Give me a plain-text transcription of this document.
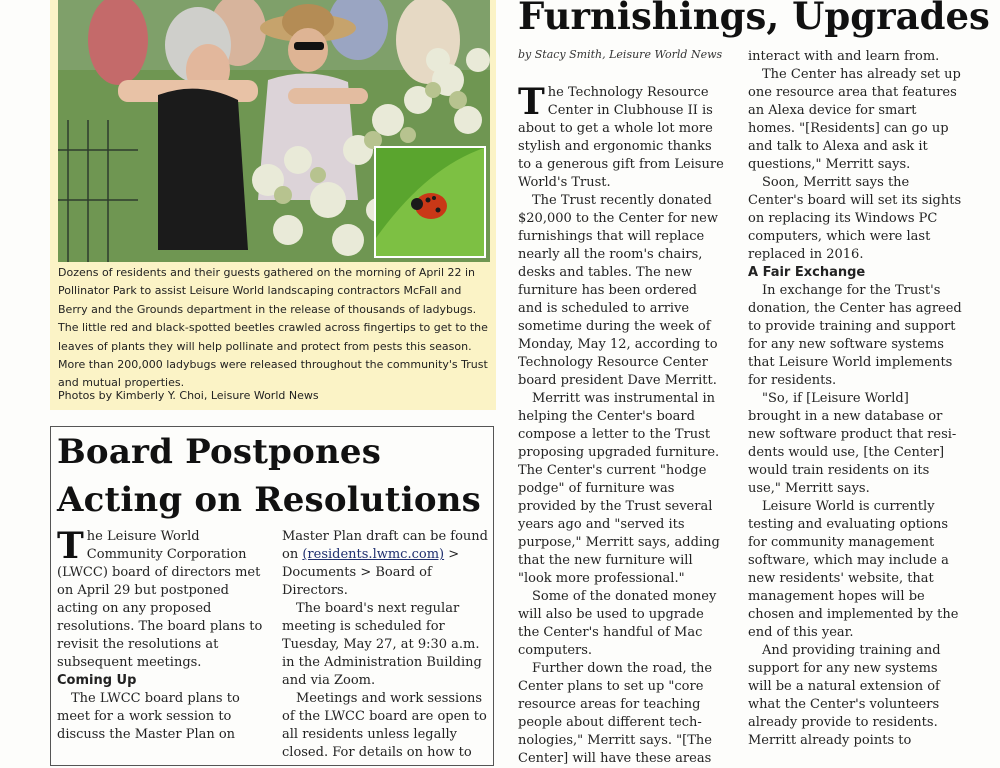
Dozens of residents and their guests gathered on the morning of April 22 in Pollinator Park to assist Leisure World landscaping contractors McFall and Berry and the Grounds department in the release of thousands of ladybugs. The little red and black-spotted beetles crawled across fingertips to get to the leaves of plants they will help pollinate and protect from pests this season. More than 200,000 ladybugs were released throughout the community's Trust and mutual properties.

Photos by Kimberly Y. Choi, Leisure World News
Furnishings, Upgrades
by Stacy Smith, Leisure World News

The Technology Resource Center in Clubhouse II is about to get a whole lot more stylish and ergonomic thanks to a generous gift from Leisure World's Trust.

The Trust recently donated $20,000 to the Center for new furnishings that will replace nearly all the room's chairs, desks and tables. The new furniture has been ordered and is scheduled to arrive sometime during the week of Monday, May 12, according to Technology Resource Center board president Dave Merritt.

Merritt was instrumental in helping the Center's board compose a letter to the Trust proposing upgraded furniture. The Center's current "hodge podge" of furniture was provided by the Trust several years ago and "served its purpose," Merritt says, adding that the new furniture will "look more professional."

Some of the donated money will also be used to upgrade the Center's handful of Mac computers.

Further down the road, the Center plans to set up "core resource areas for teaching people about different tech-nologies," Merritt says. "[The Center] will have these areas

interact with and learn from.

The Center has already set up one resource area that features an Alexa device for smart homes. "[Residents] can go up and talk to Alexa and ask it questions," Merritt says.

Soon, Merritt says the Center's board will set its sights on replacing its Windows PC computers, which were last replaced in 2016.

A Fair Exchange

In exchange for the Trust's donation, the Center has agreed to provide training and support for any new software systems that Leisure World implements for residents.

"So, if [Leisure World] brought in a new database or new software product that resi-dents would use, [the Center] would train residents on its use," Merritt says.

Leisure World is currently testing and evaluating options for community management software, which may include a new residents' website, that management hopes will be chosen and implemented by the end of this year.

And providing training and support for any new systems will be a natural extension of what the Center's volunteers already provide to residents. Merritt already points to

Board Postpones Acting on Resolutions

The Leisure World Community Corporation (LWCC) board of directors met on April 29 but postponed acting on any proposed resolutions. The board plans to revisit the resolutions at subsequent meetings.

Coming Up

The LWCC board plans to meet for a work session to discuss the Master Plan on

Master Plan draft can be found on (residents.lwmc.com) > Documents > Board of Directors.

The board's next regular meeting is scheduled for Tuesday, May 27, at 9:30 a.m. in the Administration Building and via Zoom.

Meetings and work sessions of the LWCC board are open to all residents unless legally closed. For details on how to
